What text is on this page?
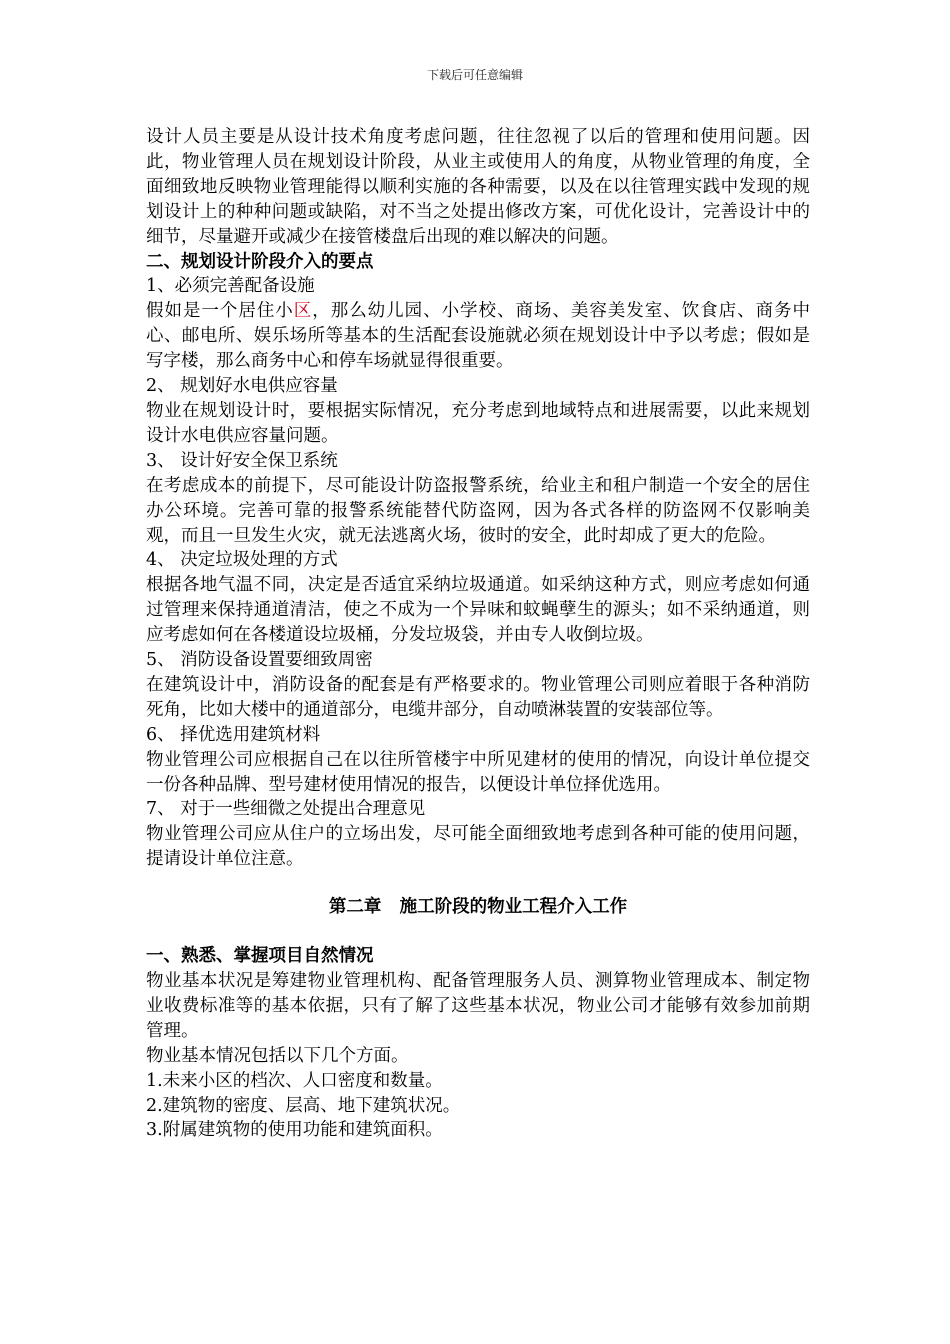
下载后可任意编辑

设计人员主要是从设计技术角度考虑问题，往往忽视了以后的管理和使用问题。因此，物业管理人员在规划设计阶段，从业主或使用人的角度，从物业管理的角度，全面细致地反映物业管理能得以顺利实施的各种需要，以及在以往管理实践中发现的规划设计上的种种问题或缺陷，对不当之处提出修改方案，可优化设计，完善设计中的细节，尽量避开或减少在接管楼盘后出现的难以解决的问题。

二、规划设计阶段介入的要点

1、必须完善配备设施

假如是一个居住小区，那么幼儿园、小学校、商场、美容美发室、饮食店、商务中心、邮电所、娱乐场所等基本的生活配套设施就必须在规划设计中予以考虑；假如是写字楼，那么商务中心和停车场就显得很重要。

2、 规划好水电供应容量

物业在规划设计时，要根据实际情况，充分考虑到地域特点和进展需要，以此来规划设计水电供应容量问题。

3、 设计好安全保卫系统

在考虑成本的前提下，尽可能设计防盗报警系统，给业主和租户制造一个安全的居住办公环境。完善可靠的报警系统能替代防盗网，因为各式各样的防盗网不仅影响美观，而且一旦发生火灾，就无法逃离火场，彼时的安全，此时却成了更大的危险。

4、 决定垃圾处理的方式

根据各地气温不同，决定是否适宜采纳垃圾通道。如采纳这种方式，则应考虑如何通过管理来保持通道清洁，使之不成为一个异味和蚊蝇孽生的源头；如不采纳通道，则应考虑如何在各楼道设垃圾桶，分发垃圾袋，并由专人收倒垃圾。

5、 消防设备设置要细致周密

在建筑设计中，消防设备的配套是有严格要求的。物业管理公司则应着眼于各种消防死角，比如大楼中的通道部分，电缆井部分，自动喷淋装置的安装部位等。

6、 择优选用建筑材料

物业管理公司应根据自己在以往所管楼宇中所见建材的使用的情况，向设计单位提交一份各种品牌、型号建材使用情况的报告，以便设计单位择优选用。

7、 对于一些细微之处提出合理意见

物业管理公司应从住户的立场出发，尽可能全面细致地考虑到各种可能的使用问题，提请设计单位注意。

第二章   施工阶段的物业工程介入工作

一、熟悉、掌握项目自然情况

物业基本状况是筹建物业管理机构、配备管理服务人员、测算物业管理成本、制定物业收费标准等的基本依据，只有了解了这些基本状况，物业公司才能够有效参加前期管理。

物业基本情况包括以下几个方面。

1.未来小区的档次、人口密度和数量。

2.建筑物的密度、层高、地下建筑状况。

3.附属建筑物的使用功能和建筑面积。
